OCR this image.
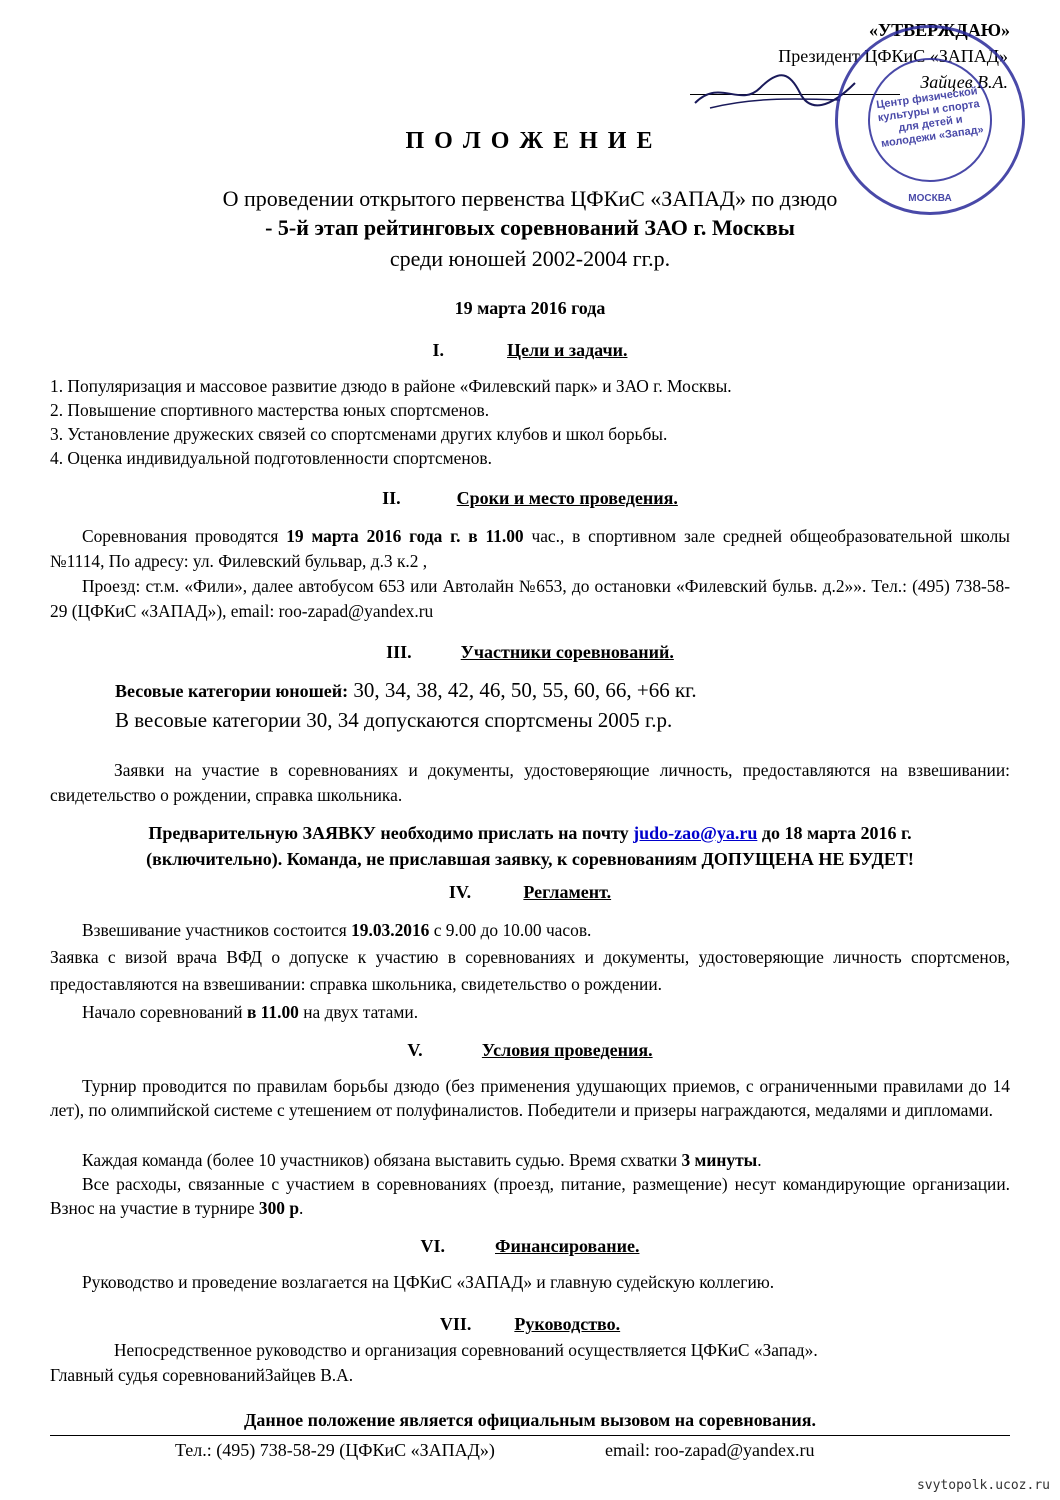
«УТВЕРЖДАЮ»
Президент ЦФКиС «ЗАПАД»
Зайцев В.А.
Центр физической культуры и спорта для детей и молодежи «Запад»
МОСКВА
П О Л О Ж Е Н И Е
О проведении открытого первенства ЦФКиС «ЗАПАД» по дзюдо
- 5-й этап рейтинговых соревнований ЗАО г. Москвы
среди юношей 2002-2004 гг.р.
19 марта 2016 года
I.	Цели и задачи.
1. Популяризация и массовое развитие дзюдо в районе «Филевский парк» и ЗАО г. Москвы.
2. Повышение спортивного мастерства юных спортсменов.
3. Установление дружеских связей со спортсменами других клубов и школ борьбы.
4. Оценка индивидуальной подготовленности спортсменов.
II.	Сроки и место проведения.
Соревнования проводятся 19 марта 2016 года г. в 11.00 час., в спортивном зале средней общеобразовательной школы №1114, По адресу: ул. Филевский бульвар, д.3 к.2 ,
Проезд: ст.м. «Фили», далее автобусом 653 или Автолайн №653, до остановки «Филевский бульв. д.2»». Тел.: (495) 738-58-29 (ЦФКиС «ЗАПАД»), email: roo-zapad@yandex.ru
III.	Участники соревнований.
Весовые категории юношей: 30, 34, 38, 42, 46, 50, 55, 60, 66, +66 кг.
В весовые категории 30, 34 допускаются спортсмены 2005 г.р.
Заявки на участие в соревнованиях и документы, удостоверяющие личность, предоставляются на взвешивании: свидетельство о рождении, справка школьника.
Предварительную ЗАЯВКУ необходимо прислать на почту judo-zao@ya.ru до 18 марта 2016 г.
(включительно). Команда, не приславшая заявку, к соревнованиям ДОПУЩЕНА НЕ БУДЕТ!
IV.	Регламент.
Взвешивание участников состоится 19.03.2016 с 9.00 до 10.00 часов.
Заявка с визой врача ВФД о допуске к участию в соревнованиях и документы, удостоверяющие личность спортсменов, предоставляются на взвешивании: справка школьника, свидетельство о рождении.
Начало соревнований в 11.00 на двух татами.
V.	Условия проведения.
Турнир проводится по правилам борьбы дзюдо (без применения удушающих приемов, с ограниченными правилами до 14 лет), по олимпийской системе с утешением от полуфиналистов. Победители и призеры награждаются, медалями и дипломами.
Каждая команда (более 10 участников) обязана выставить судью. Время схватки 3 минуты.
Все расходы, связанные с участием в соревнованиях (проезд, питание, размещение) несут командирующие организации. Взнос на участие в турнире 300 р.
VI.	Финансирование.
Руководство и проведение возлагается на ЦФКиС «ЗАПАД» и главную судейскую коллегию.
VII. Руководство.
Непосредственное руководство и организация соревнований осуществляется ЦФКиС «Запад».
Главный судья соревнованийЗайцев В.А.
Данное положение является официальным вызовом на соревнования.
Тел.: (495) 738-58-29 (ЦФКиС «ЗАПАД»)	email: roo-zapad@yandex.ru
svytopolk.ucoz.ru
